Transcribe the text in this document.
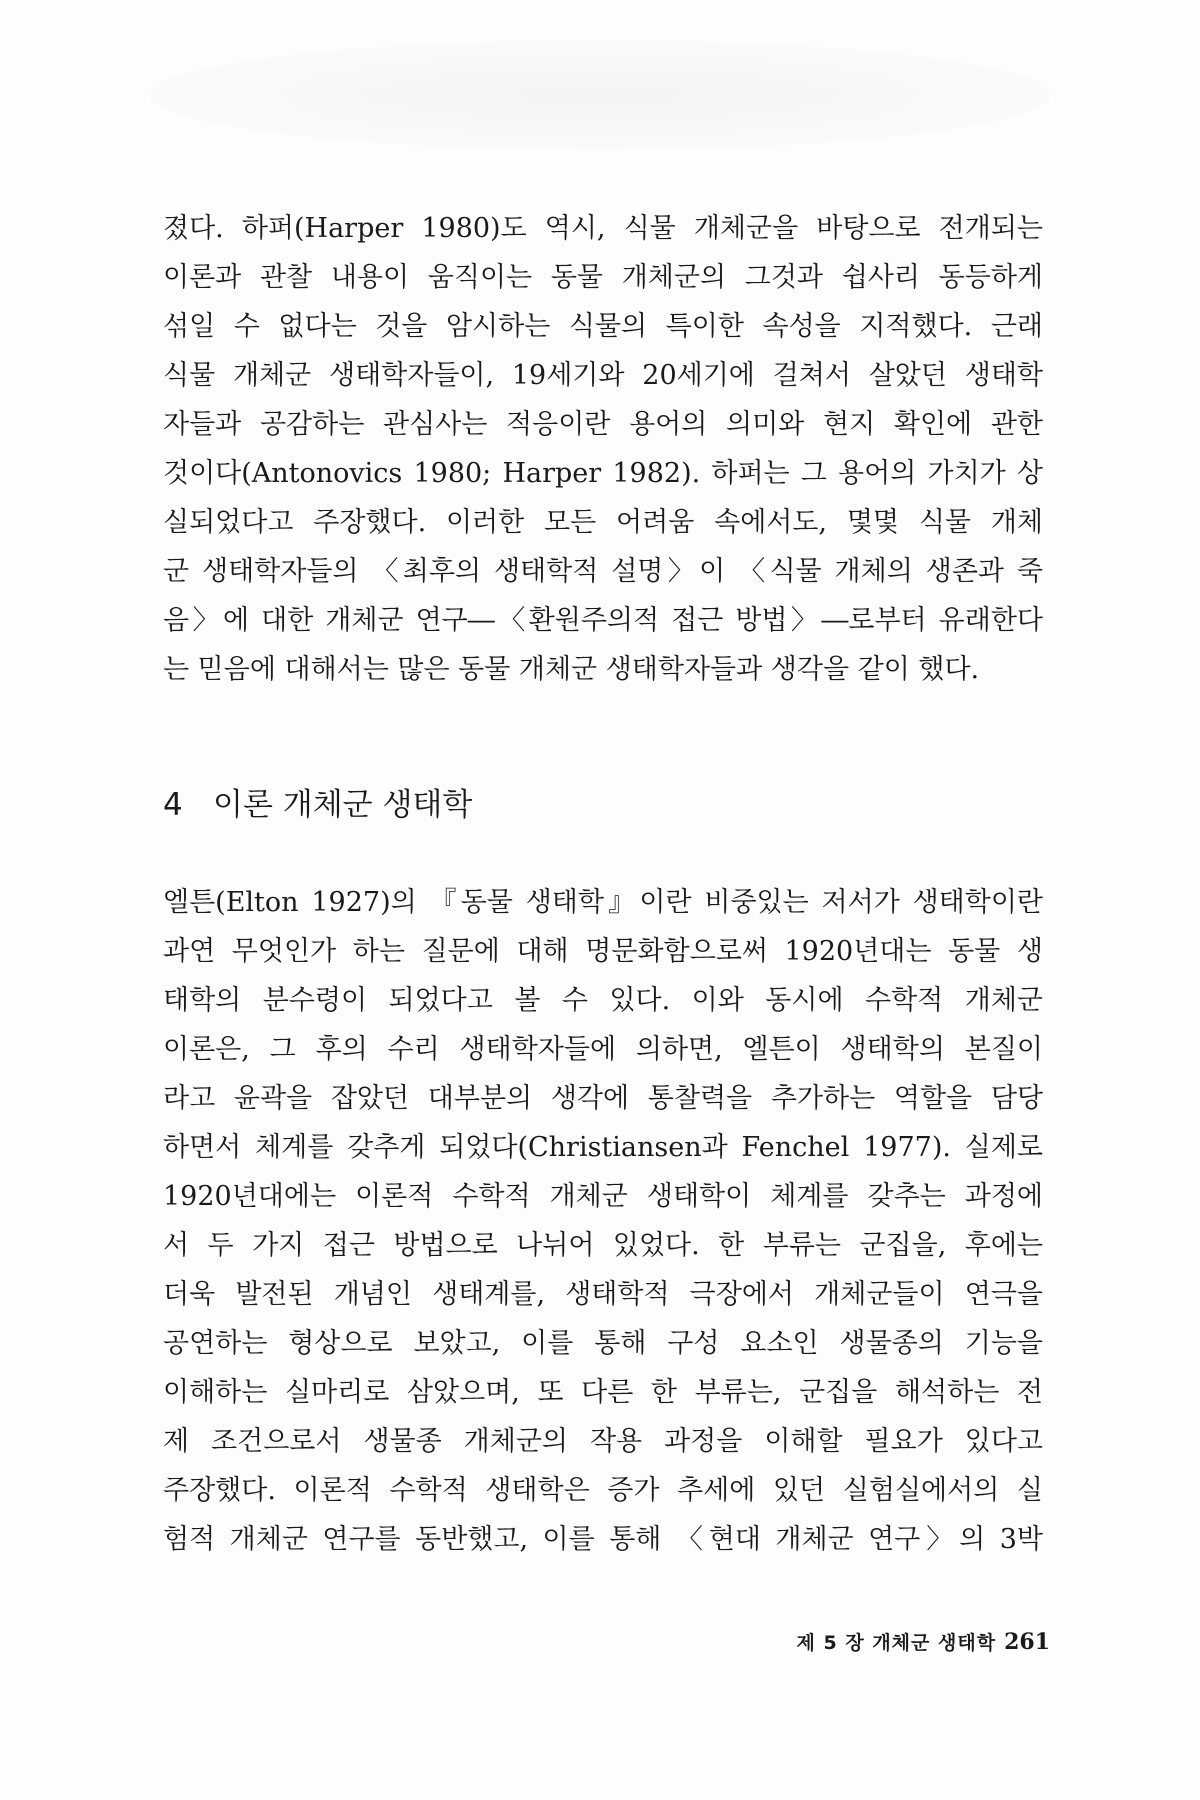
졌다. 하퍼(Harper 1980)도 역시, 식물 개체군을 바탕으로 전개되는
이론과 관찰 내용이 움직이는 동물 개체군의 그것과 쉽사리 동등하게
섞일 수 없다는 것을 암시하는 식물의 특이한 속성을 지적했다. 근래
식물 개체군 생태학자들이, 19세기와 20세기에 걸쳐서 살았던 생태학
자들과 공감하는 관심사는 적응이란 용어의 의미와 현지 확인에 관한
것이다(Antonovics 1980; Harper 1982). 하퍼는 그 용어의 가치가 상
실되었다고 주장했다. 이러한 모든 어려움 속에서도, 몇몇 식물 개체
군 생태학자들의 〈최후의 생태학적 설명〉이 〈식물 개체의 생존과 죽
음〉에 대한 개체군 연구―〈환원주의적 접근 방법〉―로부터 유래한다
는 믿음에 대해서는 많은 동물 개체군 생태학자들과 생각을 같이 했다.
4 이론 개체군 생태학
엘튼(Elton 1927)의 『동물 생태학』이란 비중있는 저서가 생태학이란
과연 무엇인가 하는 질문에 대해 명문화함으로써 1920년대는 동물 생
태학의 분수령이 되었다고 볼 수 있다. 이와 동시에 수학적 개체군
이론은, 그 후의 수리 생태학자들에 의하면, 엘튼이 생태학의 본질이
라고 윤곽을 잡았던 대부분의 생각에 통찰력을 추가하는 역할을 담당
하면서 체계를 갖추게 되었다(Christiansen과 Fenchel 1977). 실제로
1920년대에는 이론적 수학적 개체군 생태학이 체계를 갖추는 과정에
서 두 가지 접근 방법으로 나뉘어 있었다. 한 부류는 군집을, 후에는
더욱 발전된 개념인 생태계를, 생태학적 극장에서 개체군들이 연극을
공연하는 형상으로 보았고, 이를 통해 구성 요소인 생물종의 기능을
이해하는 실마리로 삼았으며, 또 다른 한 부류는, 군집을 해석하는 전
제 조건으로서 생물종 개체군의 작용 과정을 이해할 필요가 있다고
주장했다. 이론적 수학적 생태학은 증가 추세에 있던 실험실에서의 실
험적 개체군 연구를 동반했고, 이를 통해 〈현대 개체군 연구〉의 3박
제 5 장 개체군 생태학 261
